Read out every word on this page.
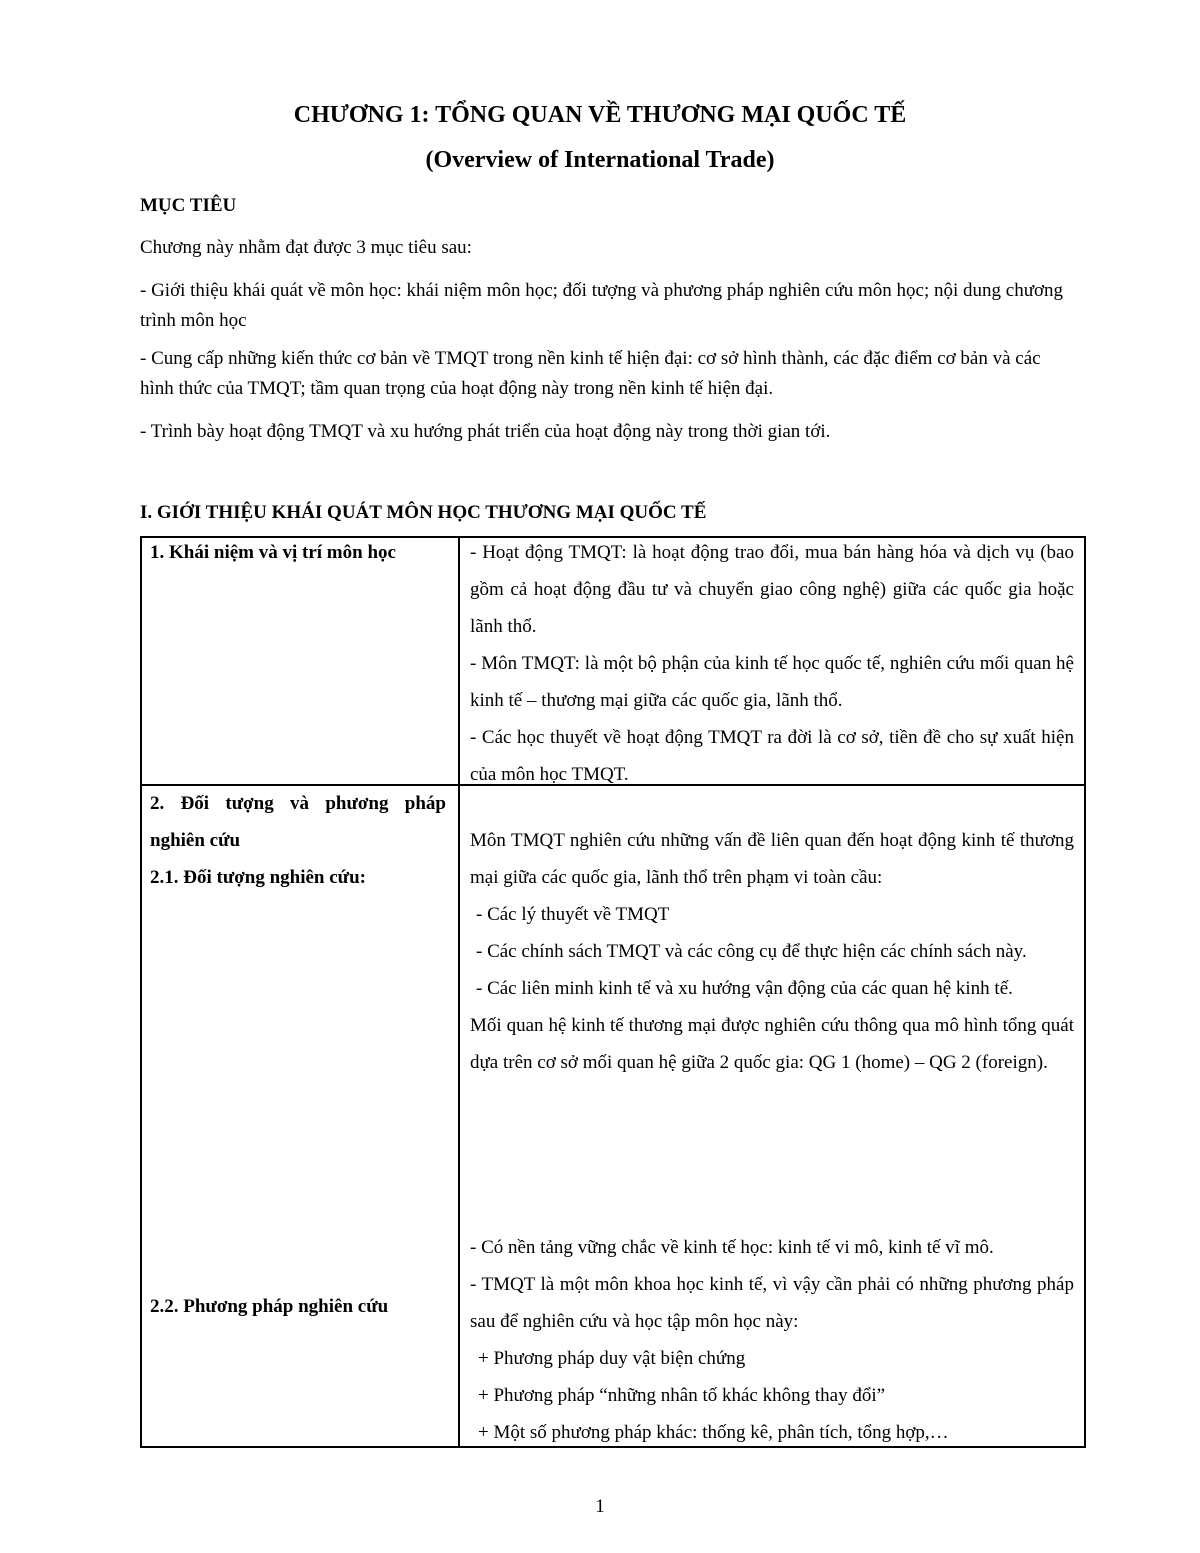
CHƯƠNG 1: TỔNG QUAN VỀ THƯƠNG MẠI QUỐC TẾ
(Overview of International Trade)
MỤC TIÊU
Chương này nhằm đạt được 3 mục tiêu sau:
- Giới thiệu khái quát về môn học: khái niệm môn học; đối tượng và phương pháp nghiên cứu môn học; nội dung chương trình môn học
- Cung cấp những kiến thức cơ bản về TMQT trong nền kinh tế hiện đại: cơ sở hình thành, các đặc điểm cơ bản và các hình thức của TMQT; tầm quan trọng của hoạt động này trong nền kinh tế hiện đại.
- Trình bày hoạt động TMQT và xu hướng phát triển của hoạt động này trong thời gian tới.
I. GIỚI THIỆU KHÁI QUÁT MÔN HỌC THƯƠNG MẠI QUỐC TẾ
1. Khái niệm và vị trí môn học	- Hoạt động TMQT: là hoạt động trao đổi, mua bán hàng hóa và dịch vụ (bao gồm cả hoạt động đầu tư và chuyển giao công nghệ) giữa các quốc gia hoặc lãnh thổ.
- Môn TMQT: là một bộ phận của kinh tế học quốc tế, nghiên cứu mối quan hệ kinh tế – thương mại giữa các quốc gia, lãnh thổ.
- Các học thuyết về hoạt động TMQT ra đời là cơ sở, tiền đề cho sự xuất hiện của môn học TMQT.
2. Đối tượng và phương pháp nghiên cứu
2.1. Đối tượng nghiên cứu:
2.2. Phương pháp nghiên cứu
Môn TMQT nghiên cứu những vấn đề liên quan đến hoạt động kinh tế thương mại giữa các quốc gia, lãnh thổ trên phạm vi toàn cầu:
- Các lý thuyết về TMQT
- Các chính sách TMQT và các công cụ để thực hiện các chính sách này.
- Các liên minh kinh tế và xu hướng vận động của các quan hệ kinh tế.
Mối quan hệ kinh tế thương mại được nghiên cứu thông qua mô hình tổng quát dựa trên cơ sở mối quan hệ giữa 2 quốc gia: QG 1 (home) – QG 2 (foreign).
- Có nền tảng vững chắc về kinh tế học: kinh tế vi mô, kinh tế vĩ mô.
- TMQT là một môn khoa học kinh tế, vì vậy cần phải có những phương pháp sau để nghiên cứu và học tập môn học này:
+ Phương pháp duy vật biện chứng
+ Phương pháp “những nhân tố khác không thay đổi”
+ Một số phương pháp khác: thống kê, phân tích, tổng hợp,…
1
